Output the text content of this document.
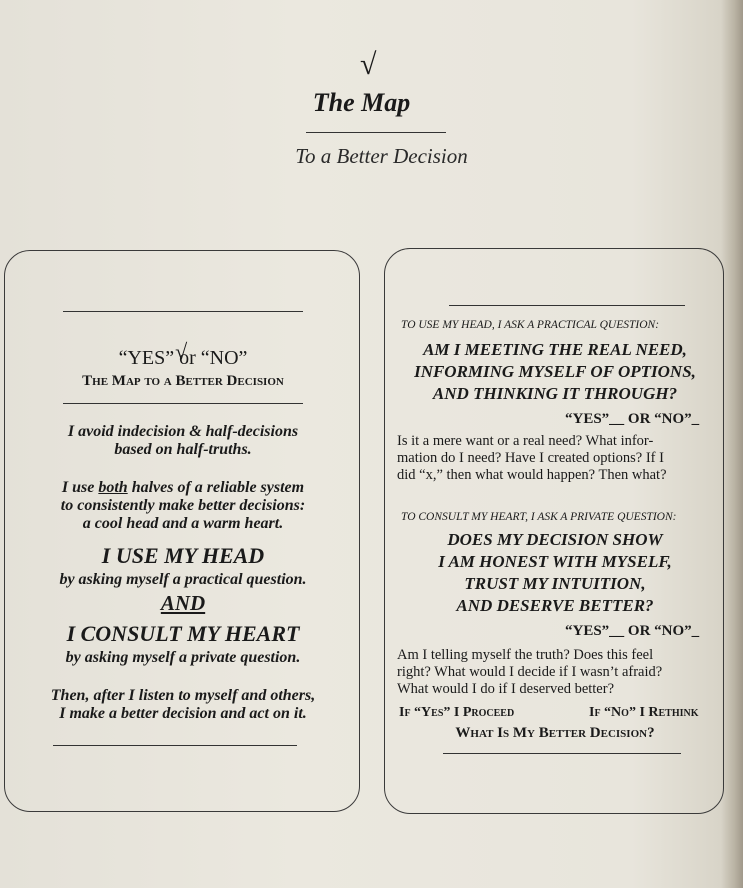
√
The Map
To a Better Decision
“YES” √ or “NO”
The Map to a Better Decision
I avoid indecision & half-decisions
based on half-truths.
I use both halves of a reliable system
to consistently make better decisions:
a cool head and a warm heart.
I USE MY HEAD
by asking myself a practical question.
AND
I CONSULT MY HEART
by asking myself a private question.
Then, after I listen to myself and others,
I make a better decision and act on it.
TO USE MY HEAD, I ASK A PRACTICAL QUESTION:
AM I MEETING THE REAL NEED,
INFORMING MYSELF OF OPTIONS,
AND THINKING IT THROUGH?
“YES”__ OR “NO”_
Is it a mere want or a real need? What infor-
mation do I need? Have I created options? If I
did “x,” then what would happen? Then what?
TO CONSULT MY HEART, I ASK A PRIVATE QUESTION:
DOES MY DECISION SHOW
I AM HONEST WITH MYSELF,
TRUST MY INTUITION,
AND DESERVE BETTER?
“YES”__ OR “NO”_
Am I telling myself the truth? Does this feel
right? What would I decide if I wasn’t afraid?
What would I do if I deserved better?
If “Yes” I Proceed	If “No” I Rethink
What Is My Better Decision?
